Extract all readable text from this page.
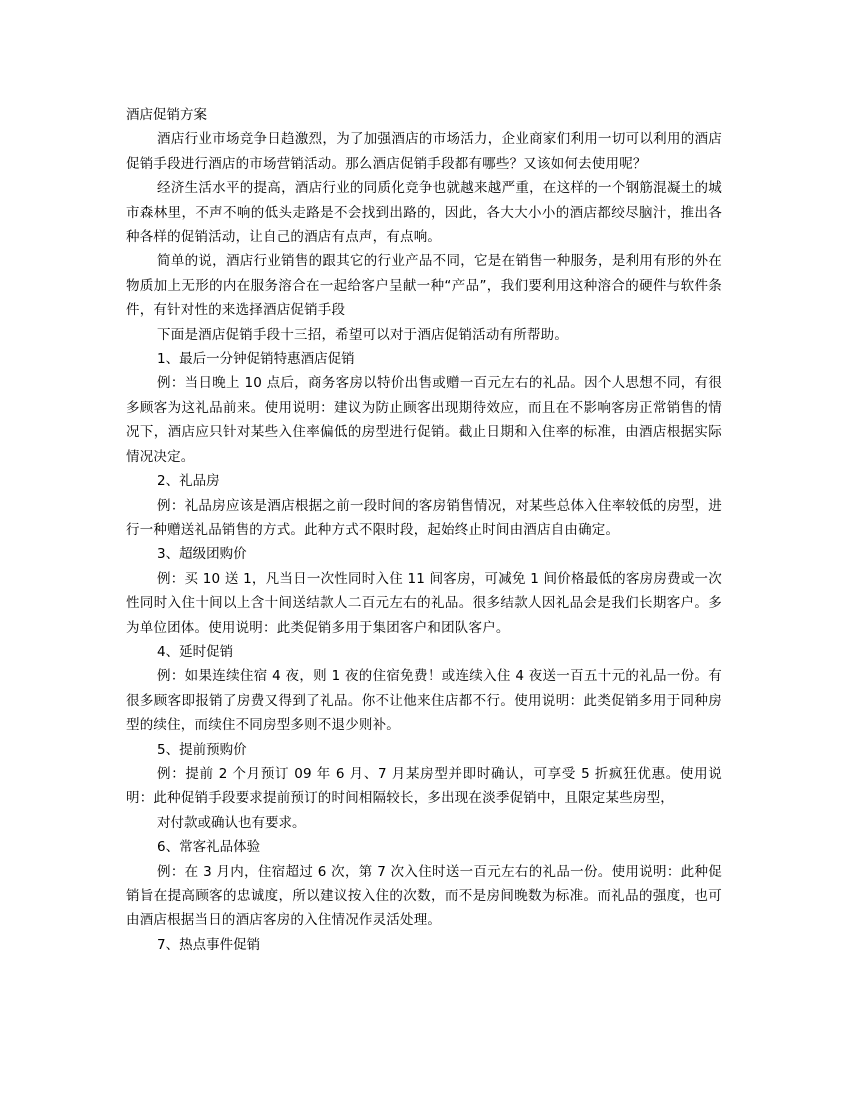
酒店促销方案

酒店行业市场竞争日趋激烈，为了加强酒店的市场活力，企业商家们利用一切可以利用的酒店促销手段进行酒店的市场营销活动。那么酒店促销手段都有哪些？又该如何去使用呢？

经济生活水平的提高，酒店行业的同质化竞争也就越来越严重，在这样的一个钢筋混凝土的城市森林里，不声不响的低头走路是不会找到出路的，因此，各大大小小的酒店都绞尽脑汁，推出各种各样的促销活动，让自己的酒店有点声，有点响。

简单的说，酒店行业销售的跟其它的行业产品不同，它是在销售一种服务，是利用有形的外在物质加上无形的内在服务溶合在一起给客户呈献一种“产品”，我们要利用这种溶合的硬件与软件条件，有针对性的来选择酒店促销手段

下面是酒店促销手段十三招，希望可以对于酒店促销活动有所帮助。

1、最后一分钟促销特惠酒店促销

例：当日晚上 10 点后，商务客房以特价出售或赠一百元左右的礼品。因个人思想不同，有很多顾客为这礼品前来。使用说明：建议为防止顾客出现期待效应，而且在不影响客房正常销售的情况下，酒店应只针对某些入住率偏低的房型进行促销。截止日期和入住率的标准，由酒店根据实际情况决定。

2、礼品房

例：礼品房应该是酒店根据之前一段时间的客房销售情况，对某些总体入住率较低的房型，进行一种赠送礼品销售的方式。此种方式不限时段，起始终止时间由酒店自由确定。

3、超级团购价

例：买 10 送 1，凡当日一次性同时入住 11 间客房，可减免 1 间价格最低的客房房费或一次性同时入住十间以上含十间送结款人二百元左右的礼品。很多结款人因礼品会是我们长期客户。多为单位团体。使用说明：此类促销多用于集团客户和团队客户。

4、延时促销

例：如果连续住宿 4 夜，则 1 夜的住宿免费！或连续入住 4 夜送一百五十元的礼品一份。有很多顾客即报销了房费又得到了礼品。你不让他来住店都不行。使用说明：此类促销多用于同种房型的续住，而续住不同房型多则不退少则补。

5、提前预购价

例：提前 2 个月预订 09 年 6 月、7 月某房型并即时确认，可享受 5 折疯狂优惠。使用说明：此种促销手段要求提前预订的时间相隔较长，多出现在淡季促销中，且限定某些房型，

对付款或确认也有要求。

6、常客礼品体验

例：在 3 月内，住宿超过 6 次，第 7 次入住时送一百元左右的礼品一份。使用说明：此种促销旨在提高顾客的忠诚度，所以建议按入住的次数，而不是房间晚数为标准。而礼品的强度，也可由酒店根据当日的酒店客房的入住情况作灵活处理。

7、热点事件促销
